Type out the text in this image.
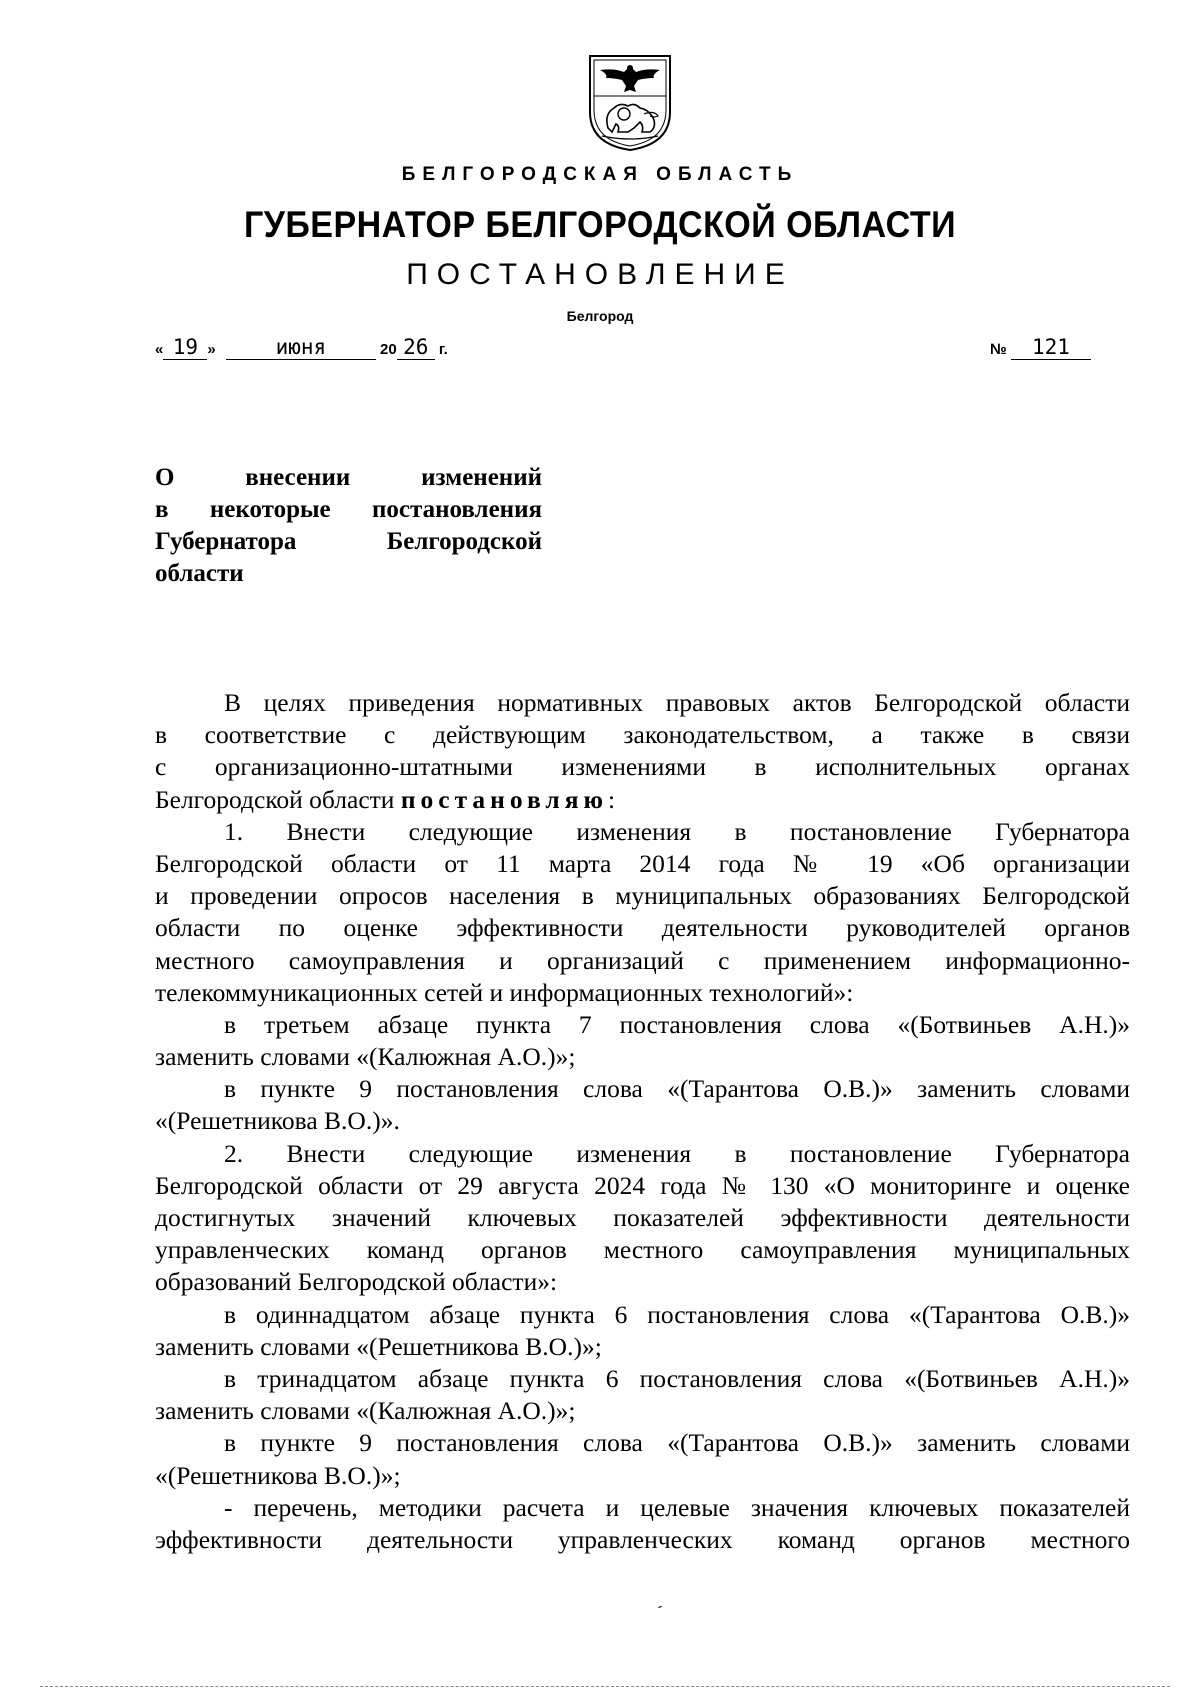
БЕЛГОРОДСКАЯ ОБЛАСТЬ
ГУБЕРНАТОР БЕЛГОРОДСКОЙ ОБЛАСТИ
ПОСТАНОВЛЕНИЕ
Белгород
« 19 »	июня	20 26 г.	№ 121
О	внесении	изменений
в некоторые постановления
Губернатора	Белгородской
области
В целях приведения нормативных правовых актов Белгородской области
в соответствие с действующим законодательством, а также в связи
с организационно-штатными изменениями в исполнительных органах
Белгородской области постановляю:
1. Внести следующие изменения в постановление Губернатора
Белгородской области от 11 марта 2014 года № 19 «Об организации
и проведении опросов населения в муниципальных образованиях Белгородской
области по оценке эффективности деятельности руководителей органов
местного самоуправления и организаций с применением информационно-
телекоммуникационных сетей и информационных технологий»:
в третьем абзаце пункта 7 постановления слова «(Ботвиньев А.Н.)»
заменить словами «(Калюжная А.О.)»;
в пункте 9 постановления слова «(Тарантова О.В.)» заменить словами
«(Решетникова В.О.)».
2. Внести следующие изменения в постановление Губернатора
Белгородской области от 29 августа 2024 года № 130 «О мониторинге и оценке
достигнутых значений ключевых показателей эффективности деятельности
управленческих команд органов местного самоуправления муниципальных
образований Белгородской области»:
в одиннадцатом абзаце пункта 6 постановления слова «(Тарантова О.В.)»
заменить словами «(Решетникова В.О.)»;
в тринадцатом абзаце пункта 6 постановления слова «(Ботвиньев А.Н.)»
заменить словами «(Калюжная А.О.)»;
в пункте 9 постановления слова «(Тарантова О.В.)» заменить словами
«(Решетникова В.О.)»;
- перечень, методики расчета и целевые значения ключевых показателей
эффективности деятельности управленческих команд органов местного
ˊ
